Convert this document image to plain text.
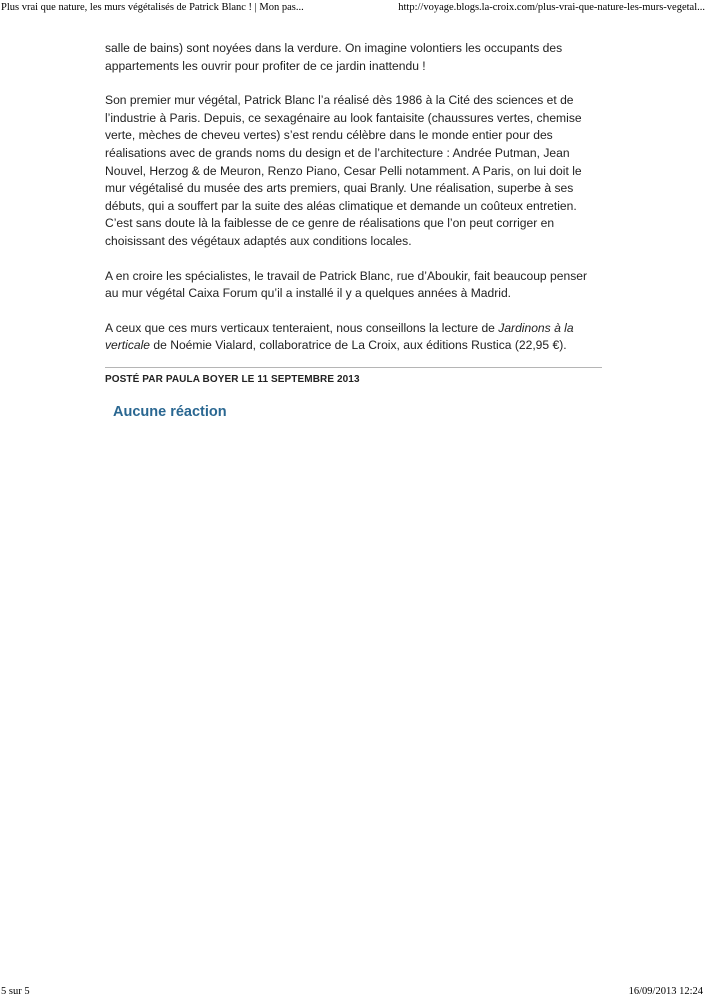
Plus vrai que nature, les murs végétalisés de Patrick Blanc ! | Mon pas...	http://voyage.blogs.la-croix.com/plus-vrai-que-nature-les-murs-vegetal...

salle de bains) sont noyées dans la verdure. On imagine volontiers les occupants des appartements les ouvrir pour profiter de ce jardin inattendu !

Son premier mur végétal, Patrick Blanc l’a réalisé dès 1986 à la Cité des sciences et de l’industrie à Paris. Depuis, ce sexagénaire au look fantaisite (chaussures vertes, chemise verte, mèches de cheveu vertes) s’est rendu célèbre dans le monde entier pour des réalisations avec de grands noms du design et de l’architecture : Andrée Putman, Jean Nouvel, Herzog & de Meuron, Renzo Piano, Cesar Pelli notamment. A Paris, on lui doit le mur végétalisé du musée des arts premiers, quai Branly. Une réalisation, superbe à ses débuts, qui a souffert par la suite des aléas climatique et demande un coûteux entretien. C’est sans doute là la faiblesse de ce genre de réalisations que l’on peut corriger en choisissant des végétaux adaptés aux conditions locales.

A en croire les spécialistes, le travail de Patrick Blanc, rue d’Aboukir, fait beaucoup penser au mur végétal Caixa Forum qu’il a installé il y a quelques années à Madrid.

A ceux que ces murs verticaux tenteraient, nous conseillons la lecture de Jardinons à la verticale de Noémie Vialard, collaboratrice de La Croix, aux éditions Rustica (22,95 €).

POSTÉ PAR PAULA BOYER LE 11 SEPTEMBRE 2013
Aucune réaction
5 sur 5	16/09/2013 12:24
